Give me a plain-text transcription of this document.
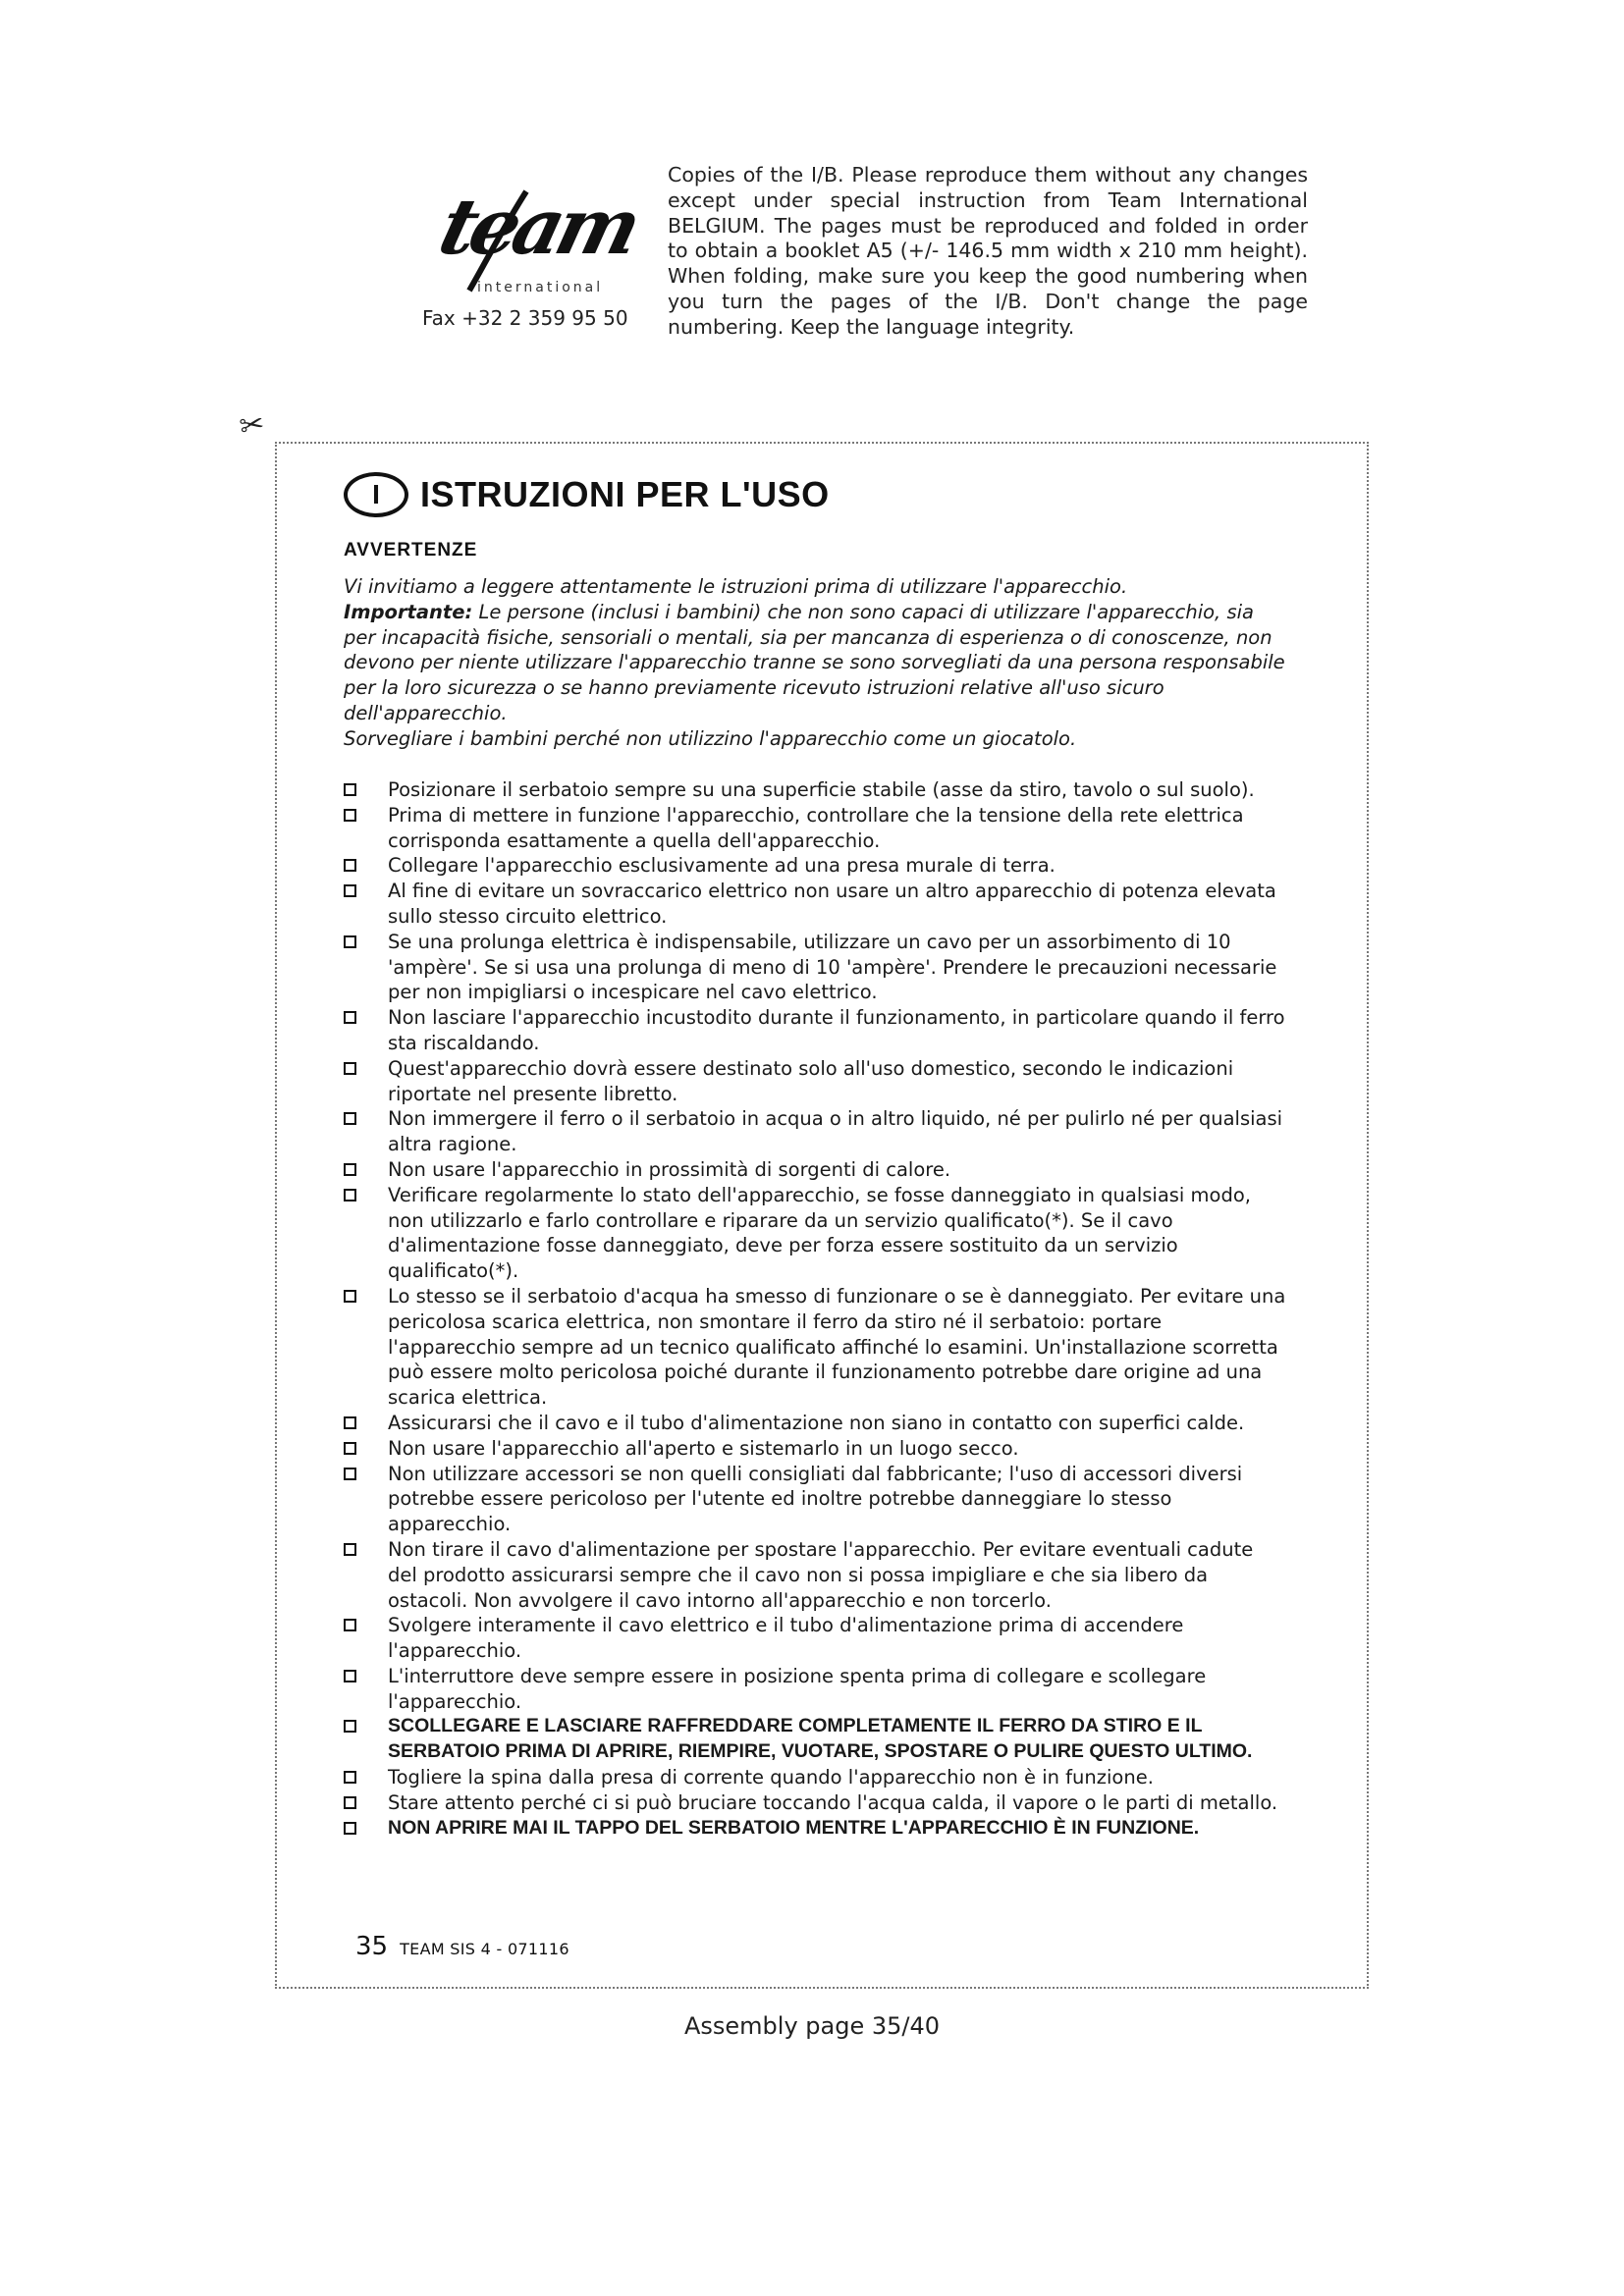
team
international
Fax +32 2 359 95 50

Copies of the I/B. Please reproduce them without any changes except under special instruction from Team International BELGIUM. The pages must be reproduced and folded in order to obtain a booklet A5 (+/- 146.5 mm width x 210 mm height). When folding, make sure you keep the good numbering when you turn the pages of the I/B. Don't change the page numbering. Keep the language integrity.

✂
I	ISTRUZIONI PER L'USO
AVVERTENZE

Vi invitiamo a leggere attentamente le istruzioni prima di utilizzare l'apparecchio.

Importante: Le persone (inclusi i bambini) che non sono capaci di utilizzare l'apparecchio, sia per incapacità fisiche, sensoriali o mentali, sia per mancanza di esperienza o di conoscenze, non devono per niente utilizzare l'apparecchio tranne se sono sorvegliati da una persona responsabile per la loro sicurezza o se hanno previamente ricevuto istruzioni relative all'uso sicuro dell'apparecchio.

Sorvegliare i bambini perché non utilizzino l'apparecchio come un giocatolo.

Posizionare il serbatoio sempre su una superficie stabile (asse da stiro, tavolo o sul suolo).
Prima di mettere in funzione l'apparecchio, controllare che la tensione della rete elettrica corrisponda esattamente a quella dell'apparecchio.
Collegare l'apparecchio esclusivamente ad una presa murale di terra.
Al fine di evitare un sovraccarico elettrico non usare un altro apparecchio di potenza elevata sullo stesso circuito elettrico.
Se una prolunga elettrica è indispensabile, utilizzare un cavo per un assorbimento di 10 'ampère'. Se si usa una prolunga di meno di 10 'ampère'. Prendere le precauzioni necessarie per non impigliarsi o incespicare nel cavo elettrico.
Non lasciare l'apparecchio incustodito durante il funzionamento, in particolare quando il ferro sta riscaldando.
Quest'apparecchio dovrà essere destinato solo all'uso domestico, secondo le indicazioni riportate nel presente libretto.
Non immergere il ferro o il serbatoio in acqua o in altro liquido, né per pulirlo né per qualsiasi altra ragione.
Non usare l'apparecchio in prossimità di sorgenti di calore.
Verificare regolarmente lo stato dell'apparecchio, se fosse danneggiato in qualsiasi modo, non utilizzarlo e farlo controllare e riparare da un servizio qualificato(*). Se il cavo d'alimentazione fosse danneggiato, deve per forza essere sostituito da un servizio qualificato(*).
Lo stesso se il serbatoio d'acqua ha smesso di funzionare o se è danneggiato. Per evitare una pericolosa scarica elettrica, non smontare il ferro da stiro né il serbatoio: portare l'apparecchio sempre ad un tecnico qualificato affinché lo esamini. Un'installazione scorretta può essere molto pericolosa poiché durante il funzionamento potrebbe dare origine ad una scarica elettrica.
Assicurarsi che il cavo e il tubo d'alimentazione non siano in contatto con superfici calde.
Non usare l'apparecchio all'aperto e sistemarlo in un luogo secco.
Non utilizzare accessori se non quelli consigliati dal fabbricante; l'uso di accessori diversi potrebbe essere pericoloso per l'utente ed inoltre potrebbe danneggiare lo stesso apparecchio.
Non tirare il cavo d'alimentazione per spostare l'apparecchio. Per evitare eventuali cadute del prodotto assicurarsi sempre che il cavo non si possa impigliare e che sia libero da ostacoli. Non avvolgere il cavo intorno all'apparecchio e non torcerlo.
Svolgere interamente il cavo elettrico e il tubo d'alimentazione prima di accendere l'apparecchio.
L'interruttore deve sempre essere in posizione spenta prima di collegare e scollegare l'apparecchio.
SCOLLEGARE E LASCIARE RAFFREDDARE COMPLETAMENTE IL FERRO DA STIRO E IL SERBATOIO PRIMA DI APRIRE, RIEMPIRE, VUOTARE, SPOSTARE O PULIRE QUESTO ULTIMO.
Togliere la spina dalla presa di corrente quando l'apparecchio non è in funzione.
Stare attento perché ci si può bruciare toccando l'acqua calda, il vapore o le parti di metallo.
NON APRIRE MAI IL TAPPO DEL SERBATOIO MENTRE L'APPARECCHIO È IN FUNZIONE.
35 TEAM SIS 4 - 071116
Assembly page 35/40
